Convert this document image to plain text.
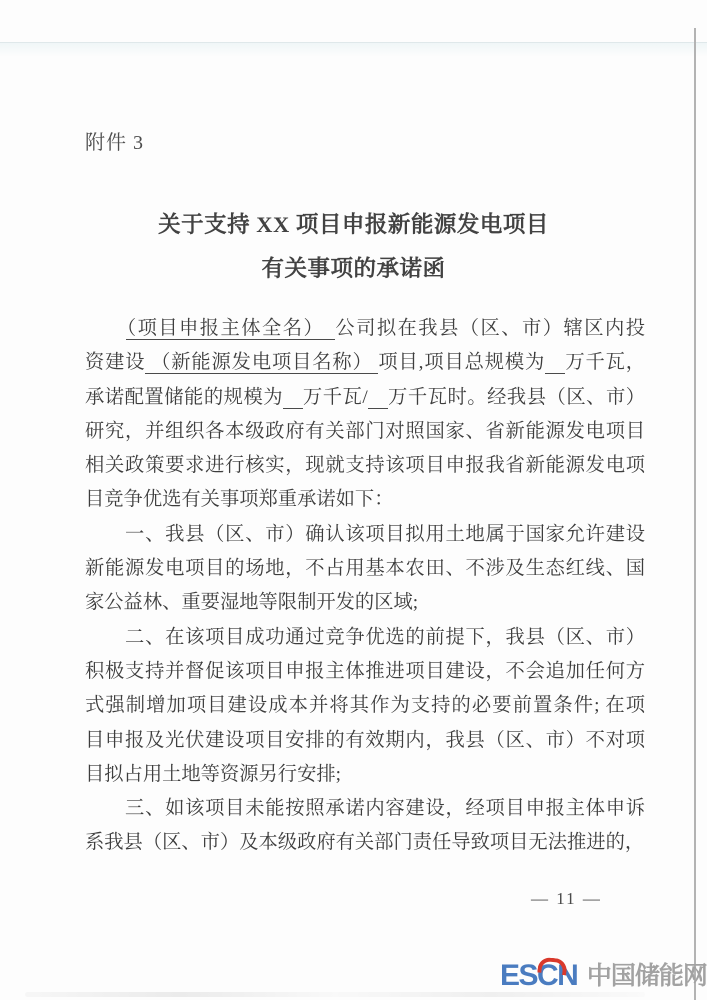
附件 3
关于支持 XX 项目申报新能源发电项目
有关事项的承诺函
　　（项目申报主体全名）　公司拟在我县（区、市）辖区内投
资建设 （新能源发电项目名称） 项目,项目总规模为　 万千瓦，
承诺配置储能的规模为　 万千瓦/　 万千瓦时。经我县（区、市）
研究，并组织各本级政府有关部门对照国家、省新能源发电项目
相关政策要求进行核实，现就支持该项目申报我省新能源发电项
目竞争优选有关事项郑重承诺如下：
　　一、我县（区、市）确认该项目拟用土地属于国家允许建设
新能源发电项目的场地，不占用基本农田、不涉及生态红线、国
家公益林、重要湿地等限制开发的区域;
　　二、在该项目成功通过竞争优选的前提下，我县（区、市）
积极支持并督促该项目申报主体推进项目建设，不会追加任何方
式强制增加项目建设成本并将其作为支持的必要前置条件; 在项
目申报及光伏建设项目安排的有效期内，我县（区、市）不对项
目拟占用土地等资源另行安排;
　　三、如该项目未能按照承诺内容建设，经项目申报主体申诉
系我县（区、市）及本级政府有关部门责任导致项目无法推进的，
— 11 —
ESCN 中国储能网
